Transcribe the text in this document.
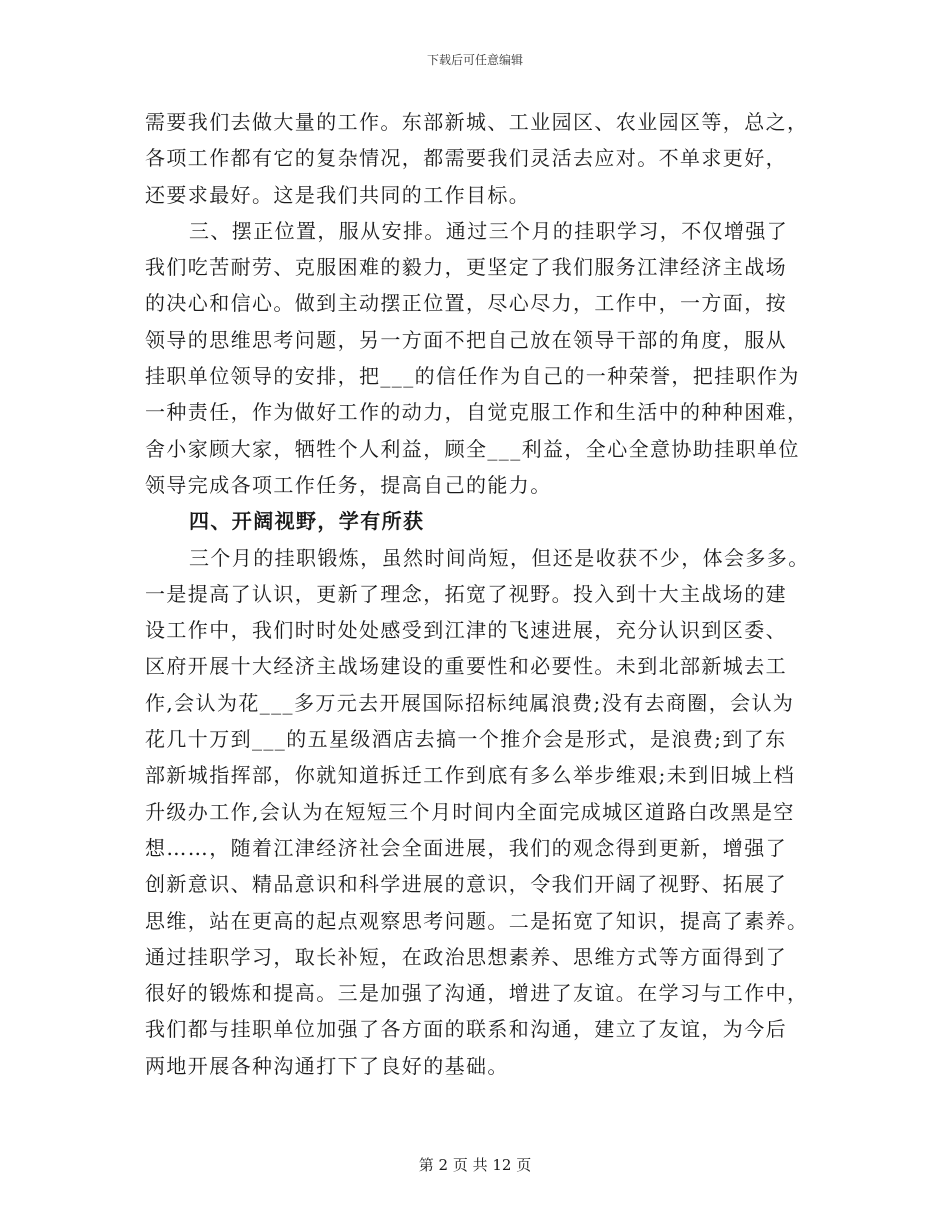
下载后可任意编辑
需要我们去做大量的工作。东部新城、工业园区、农业园区等，总之，
各项工作都有它的复杂情况，都需要我们灵活去应对。不单求更好，
还要求最好。这是我们共同的工作目标。
三、摆正位置，服从安排。通过三个月的挂职学习，不仅增强了
我们吃苦耐劳、克服困难的毅力，更坚定了我们服务江津经济主战场
的决心和信心。做到主动摆正位置，尽心尽力，工作中，一方面，按
领导的思维思考问题，另一方面不把自己放在领导干部的角度，服从
挂职单位领导的安排，把___的信任作为自己的一种荣誉，把挂职作为
一种责任，作为做好工作的动力，自觉克服工作和生活中的种种困难，
舍小家顾大家，牺牲个人利益，顾全___利益，全心全意协助挂职单位
领导完成各项工作任务，提高自己的能力。
四、开阔视野，学有所获
三个月的挂职锻炼，虽然时间尚短，但还是收获不少，体会多多。
一是提高了认识，更新了理念，拓宽了视野。投入到十大主战场的建
设工作中，我们时时处处感受到江津的飞速进展，充分认识到区委、
区府开展十大经济主战场建设的重要性和必要性。未到北部新城去工
作,会认为花___多万元去开展国际招标纯属浪费;没有去商圈，会认为
花几十万到___的五星级酒店去搞一个推介会是形式，是浪费;到了东
部新城指挥部，你就知道拆迁工作到底有多么举步维艰;未到旧城上档
升级办工作,会认为在短短三个月时间内全面完成城区道路白改黑是空
想……，随着江津经济社会全面进展，我们的观念得到更新，增强了
创新意识、精品意识和科学进展的意识，令我们开阔了视野、拓展了
思维，站在更高的起点观察思考问题。二是拓宽了知识，提高了素养。
通过挂职学习，取长补短，在政治思想素养、思维方式等方面得到了
很好的锻炼和提高。三是加强了沟通，增进了友谊。在学习与工作中，
我们都与挂职单位加强了各方面的联系和沟通，建立了友谊，为今后
两地开展各种沟通打下了良好的基础。
第 2 页 共 12 页
